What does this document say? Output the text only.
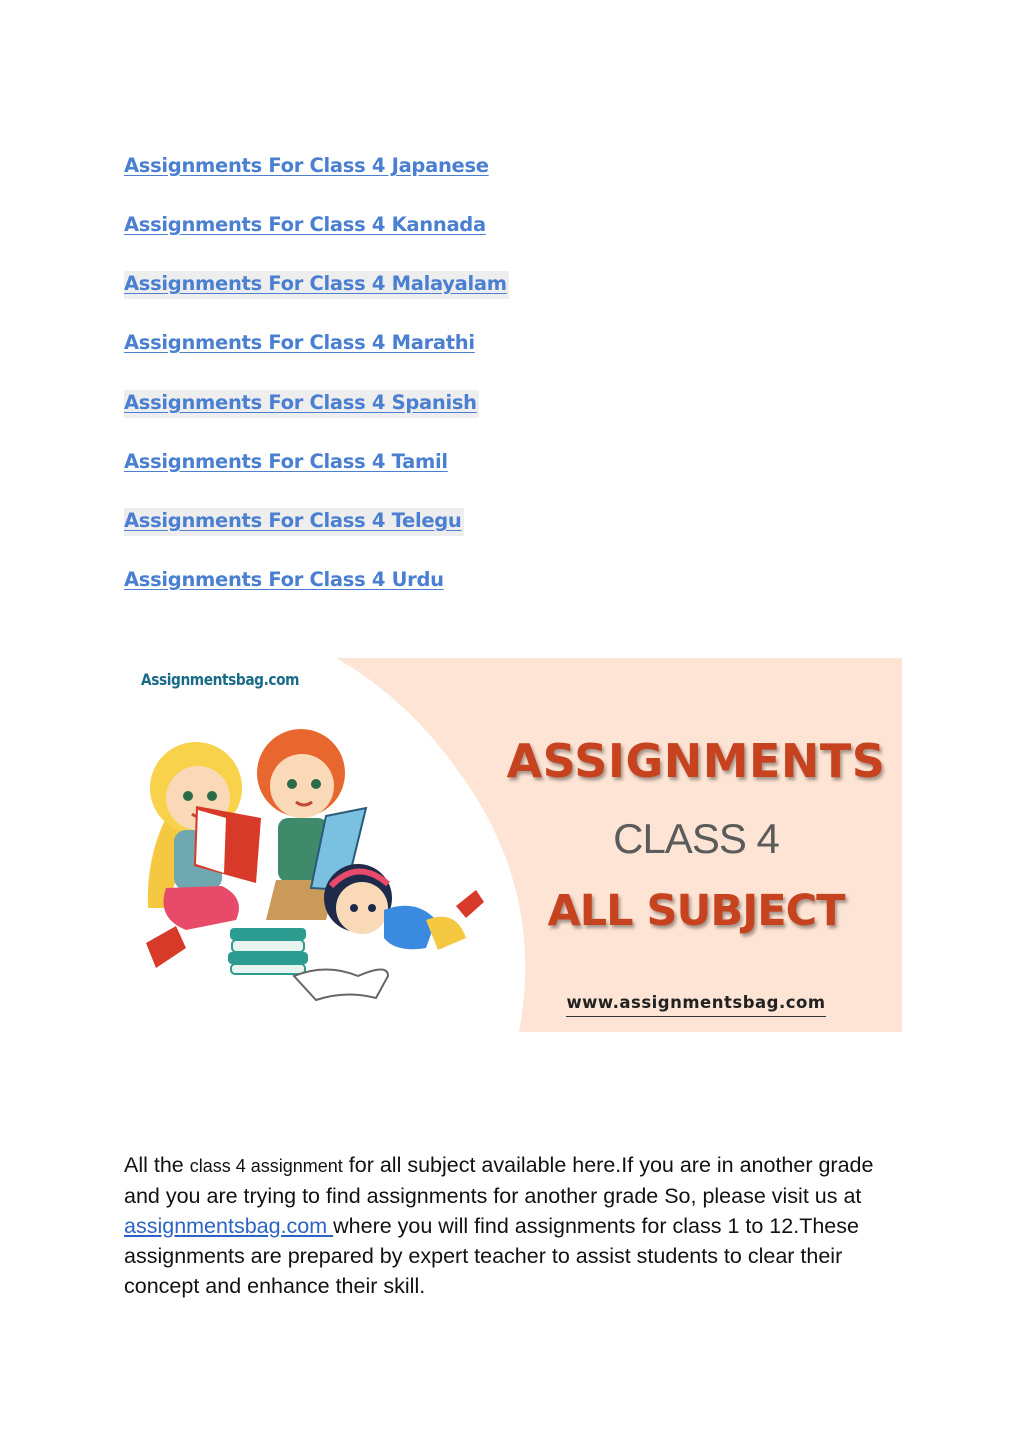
Assignments For Class 4 Japanese
Assignments For Class 4 Kannada
Assignments For Class 4 Malayalam
Assignments For Class 4 Marathi
Assignments For Class 4 Spanish
Assignments For Class 4 Tamil
Assignments For Class 4 Telegu
Assignments For Class 4 Urdu
Assignmentsbag.com
ASSIGNMENTS
CLASS 4
ALL SUBJECT
www.assignmentsbag.com

All the class 4 assignment for all subject available here.If you are in another grade and you are trying to find assignments for another grade So, please visit us at assignmentsbag.com where you will find assignments for class 1 to 12.These assignments are prepared by expert teacher to assist students to clear their concept and enhance their skill.
